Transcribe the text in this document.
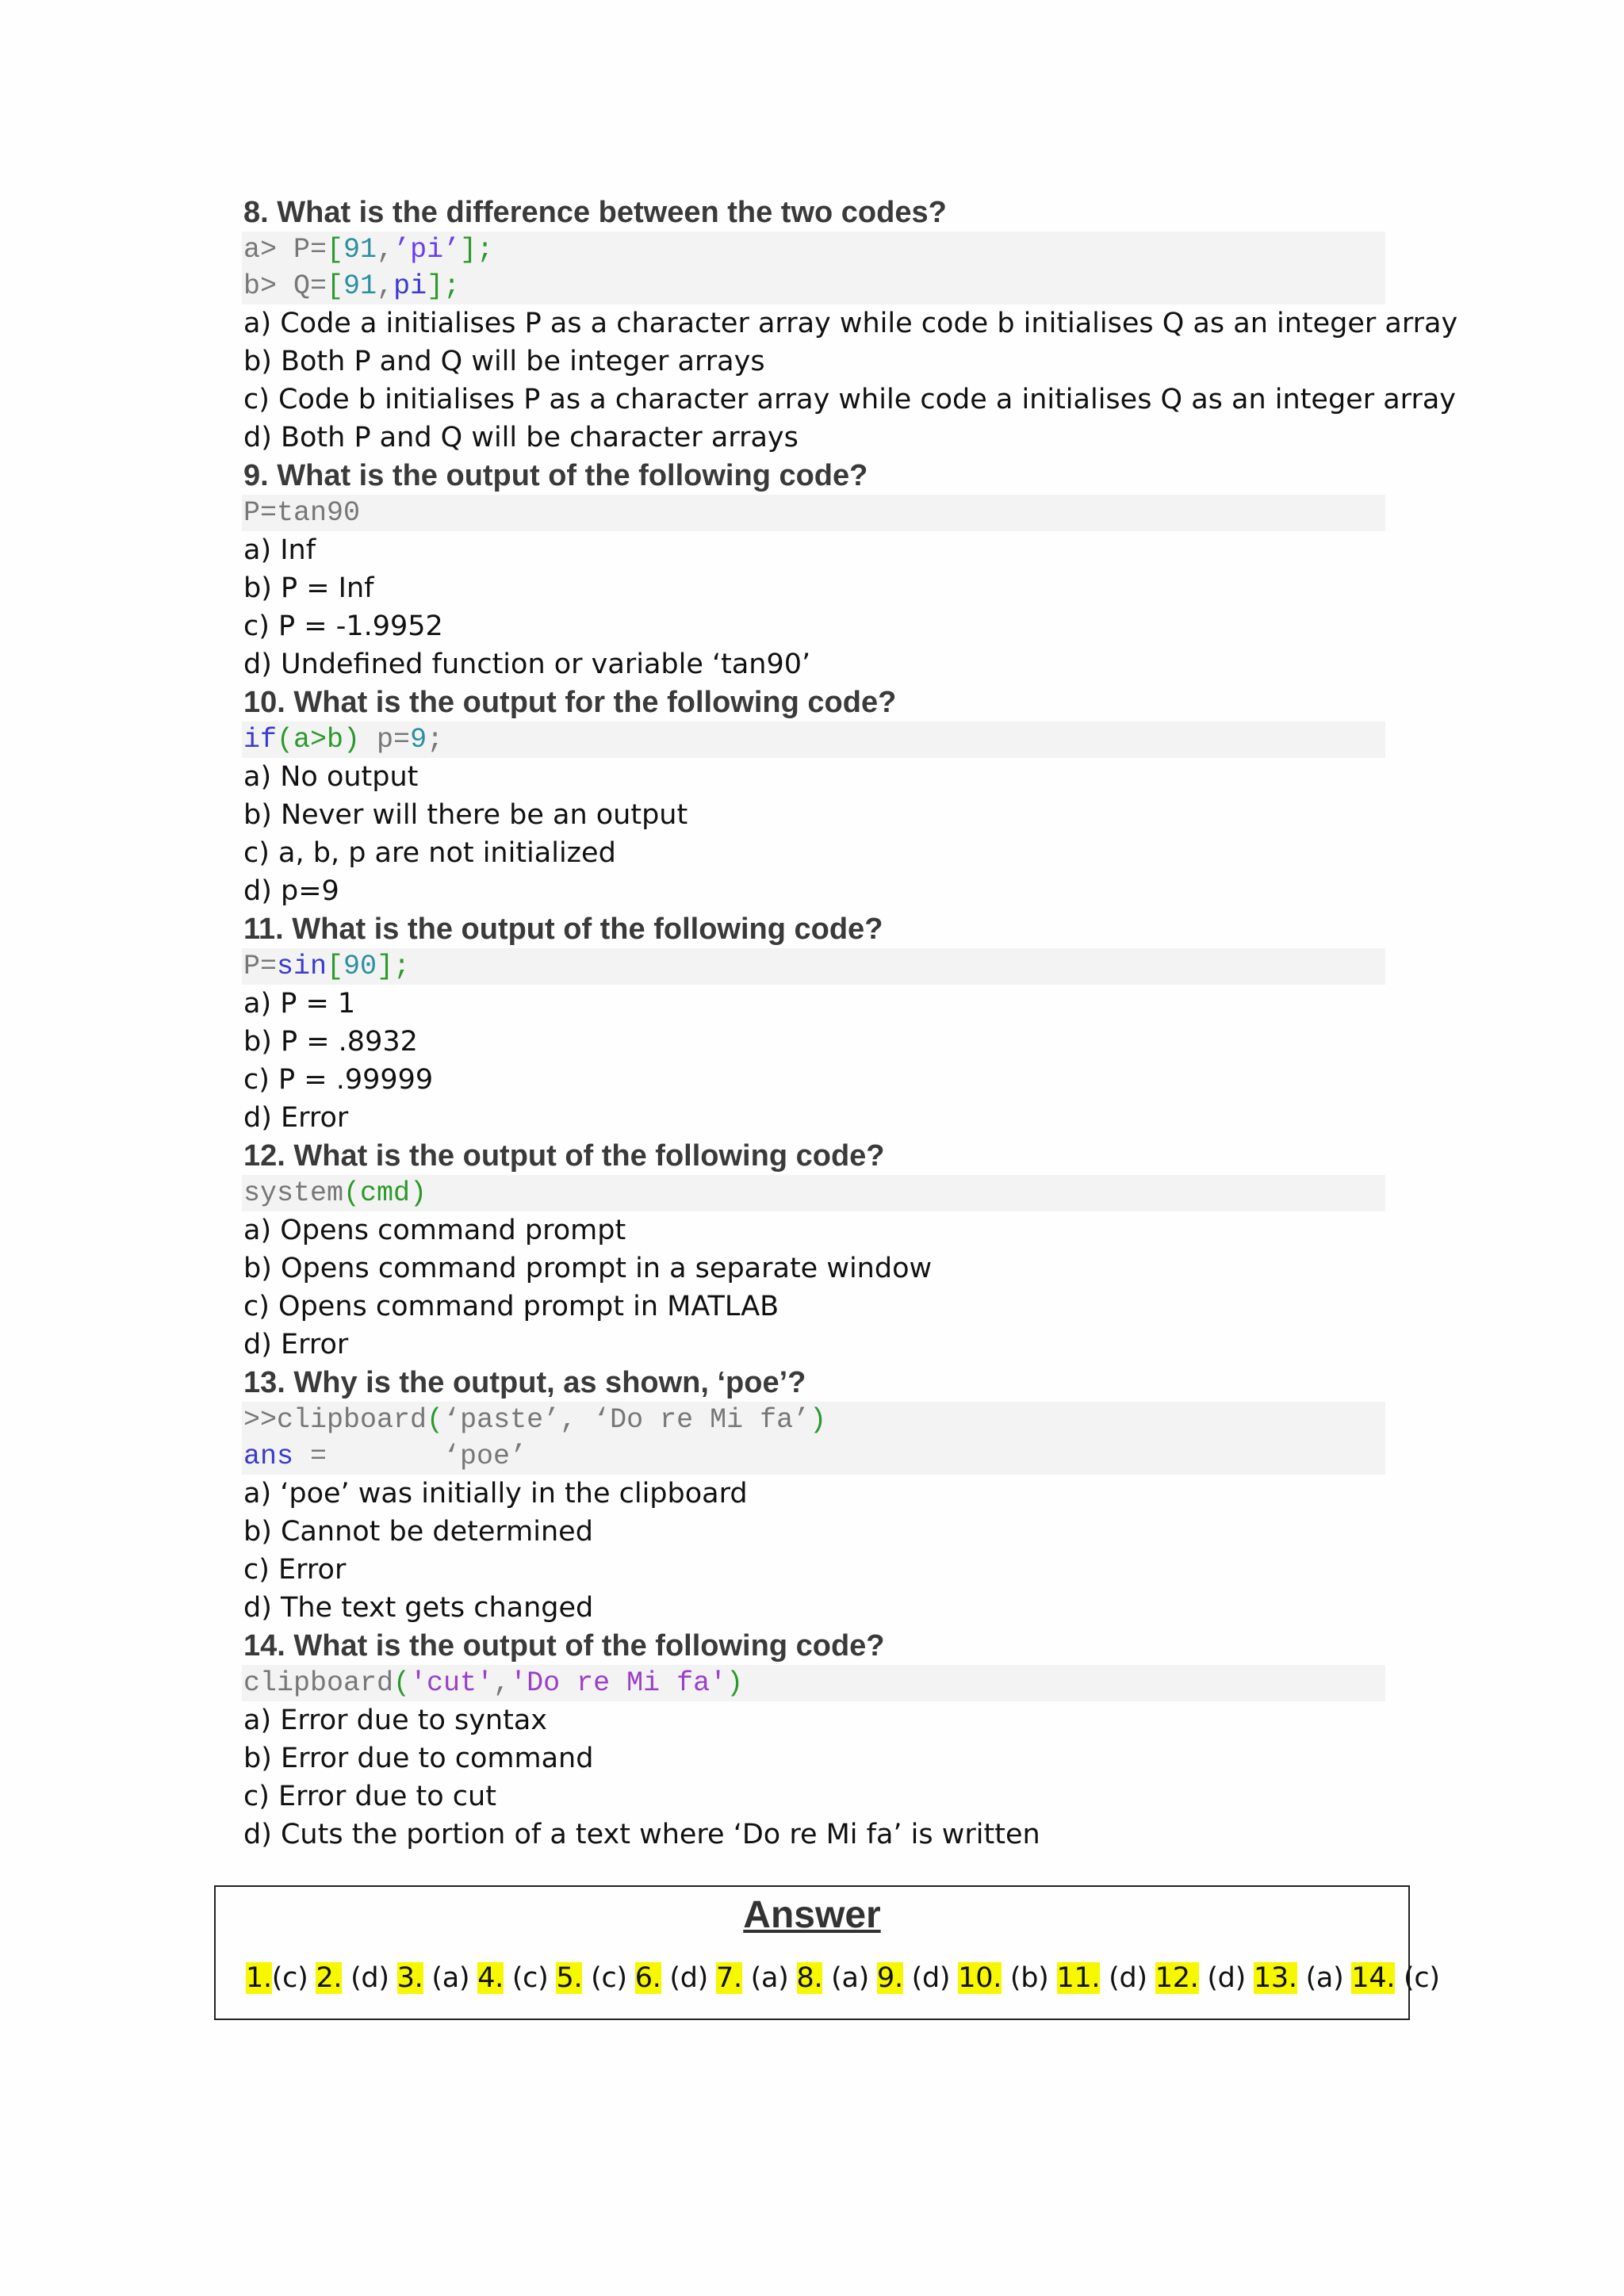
8. What is the difference between the two codes?
a> P=[91,’pi’];
b> Q=[91,pi];
a) Code a initialises P as a character array while code b initialises Q as an integer array
b) Both P and Q will be integer arrays
c) Code b initialises P as a character array while code a initialises Q as an integer array
d) Both P and Q will be character arrays
9. What is the output of the following code?
P=tan90
a) Inf
b) P = Inf
c) P = -1.9952
d) Undefined function or variable ‘tan90’
10. What is the output for the following code?
if(a>b) p=9;
a) No output
b) Never will there be an output
c) a, b, p are not initialized
d) p=9
11. What is the output of the following code?
P=sin[90];
a) P = 1
b) P = .8932
c) P = .99999
d) Error
12. What is the output of the following code?
system(cmd)
a) Opens command prompt
b) Opens command prompt in a separate window
c) Opens command prompt in MATLAB
d) Error
13. Why is the output, as shown, ‘poe’?
>>clipboard(‘paste’, ‘Do re Mi fa’)
ans =       ‘poe’
a) ‘poe’ was initially in the clipboard
b) Cannot be determined
c) Error
d) The text gets changed
14. What is the output of the following code?
clipboard('cut','Do re Mi fa')
a) Error due to syntax
b) Error due to command
c) Error due to cut
d) Cuts the portion of a text where ‘Do re Mi fa’ is written
Answer
1.(c) 2. (d) 3. (a) 4. (c) 5. (c) 6. (d) 7. (a) 8. (a) 9. (d) 10. (b) 11. (d) 12. (d) 13. (a) 14. (c)
